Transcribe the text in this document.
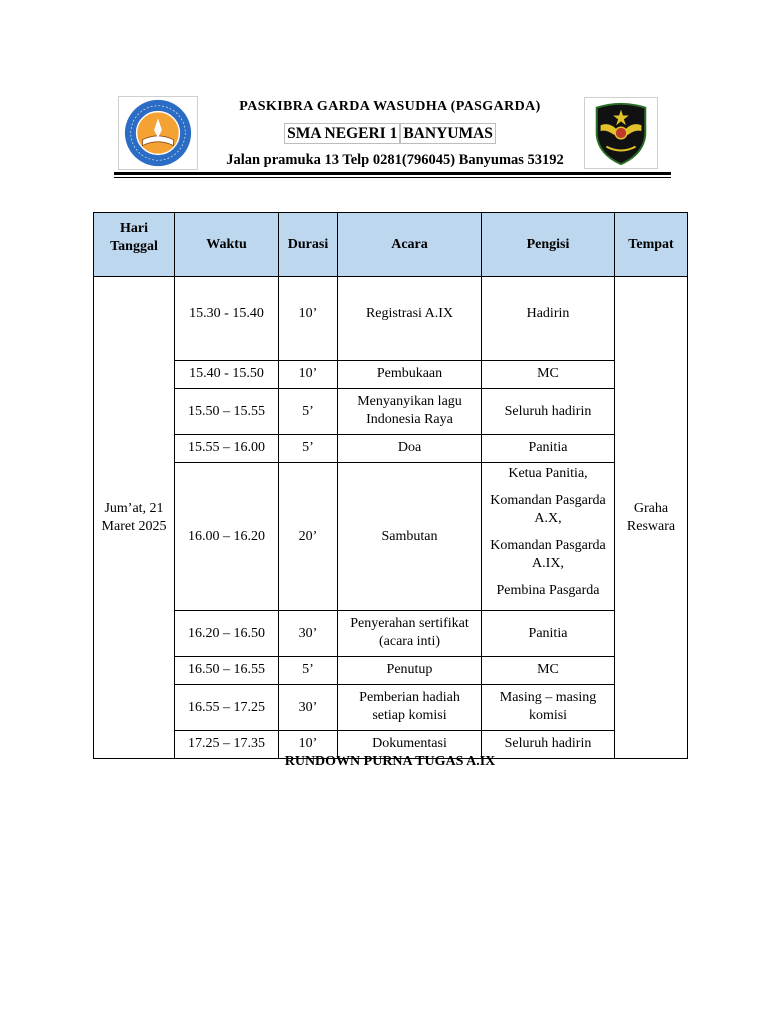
PASKIBRA GARDA WASUDHA (PASGARDA)
SMA NEGERI 1 BANYUMAS
Jalan pramuka 13 Telp 0281(796045) Banyumas 53192
Hari Tanggal	Waktu	Durasi	Acara	Pengisi	Tempat
Jum’at, 21 Maret 2025	15.30 - 15.40	10’	Registrasi A.IX	Hadirin	Graha Reswara
	15.40 - 15.50	10’	Pembukaan	MC	
	15.50 – 15.55	5’	Menyanyikan lagu Indonesia Raya	Seluruh hadirin	
	15.55 – 16.00	5’	Doa	Panitia	
	16.00 – 16.20	20’	Sambutan	Ketua Panitia,
Komandan Pasgarda A.X,
Komandan Pasgarda A.IX,
Pembina Pasgarda	

	16.20 – 16.50	30’	Penyerahan sertifikat (acara inti)	Panitia	
	16.50 – 16.55	5’	Penutup	MC	
	16.55 – 17.25	30’	Pemberian hadiah setiap komisi	Masing – masing komisi	
	17.25 – 17.35	10’	Dokumentasi	Seluruh hadirin	
RUNDOWN PURNA TUGAS A.IX
